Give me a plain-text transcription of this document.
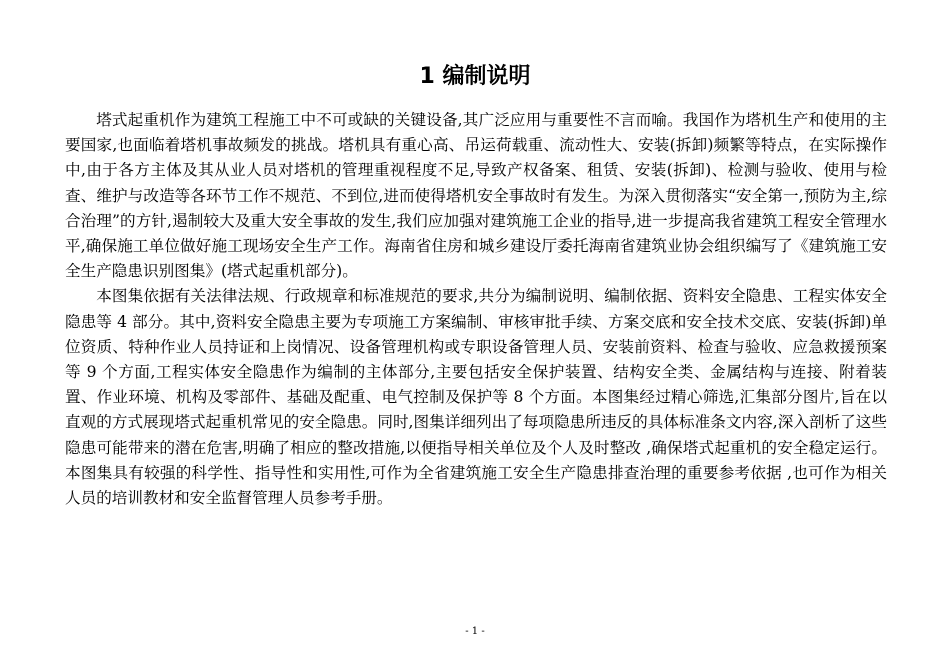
1 编制说明

塔式起重机作为建筑工程施工中不可或缺的关键设备,其广泛应用与重要性不言而喻。我国作为塔机生产和使用的主要国家,也面临着塔机事故频发的挑战。塔机具有重心高、吊运荷载重、流动性大、安装(拆卸)频繁等特点，在实际操作中,由于各方主体及其从业人员对塔机的管理重视程度不足,导致产权备案、租赁、安装(拆卸)、检测与验收、使用与检查、维护与改造等各环节工作不规范、不到位,进而使得塔机安全事故时有发生。为深入贯彻落实“安全第一,预防为主,综合治理”的方针,遏制较大及重大安全事故的发生,我们应加强对建筑施工企业的指导,进一步提高我省建筑工程安全管理水平,确保施工单位做好施工现场安全生产工作。海南省住房和城乡建设厅委托海南省建筑业协会组织编写了《建筑施工安全生产隐患识别图集》(塔式起重机部分)。

本图集依据有关法律法规、行政规章和标准规范的要求,共分为编制说明、编制依据、资料安全隐患、工程实体安全隐患等 4 部分。其中,资料安全隐患主要为专项施工方案编制、审核审批手续、方案交底和安全技术交底、安装(拆卸)单位资质、特种作业人员持证和上岗情况、设备管理机构或专职设备管理人员、安装前资料、检查与验收、应急救援预案等 9 个方面,工程实体安全隐患作为编制的主体部分,主要包括安全保护装置、结构安全类、金属结构与连接、附着装置、作业环境、机构及零部件、基础及配重、电气控制及保护等 8 个方面。本图集经过精心筛选,汇集部分图片,旨在以直观的方式展现塔式起重机常见的安全隐患。同时,图集详细列出了每项隐患所违反的具体标准条文内容,深入剖析了这些隐患可能带来的潜在危害,明确了相应的整改措施,以便指导相关单位及个人及时整改 ,确保塔式起重机的安全稳定运行。本图集具有较强的科学性、指导性和实用性,可作为全省建筑施工安全生产隐患排查治理的重要参考依据 ,也可作为相关人员的培训教材和安全监督管理人员参考手册。

- 1 -
